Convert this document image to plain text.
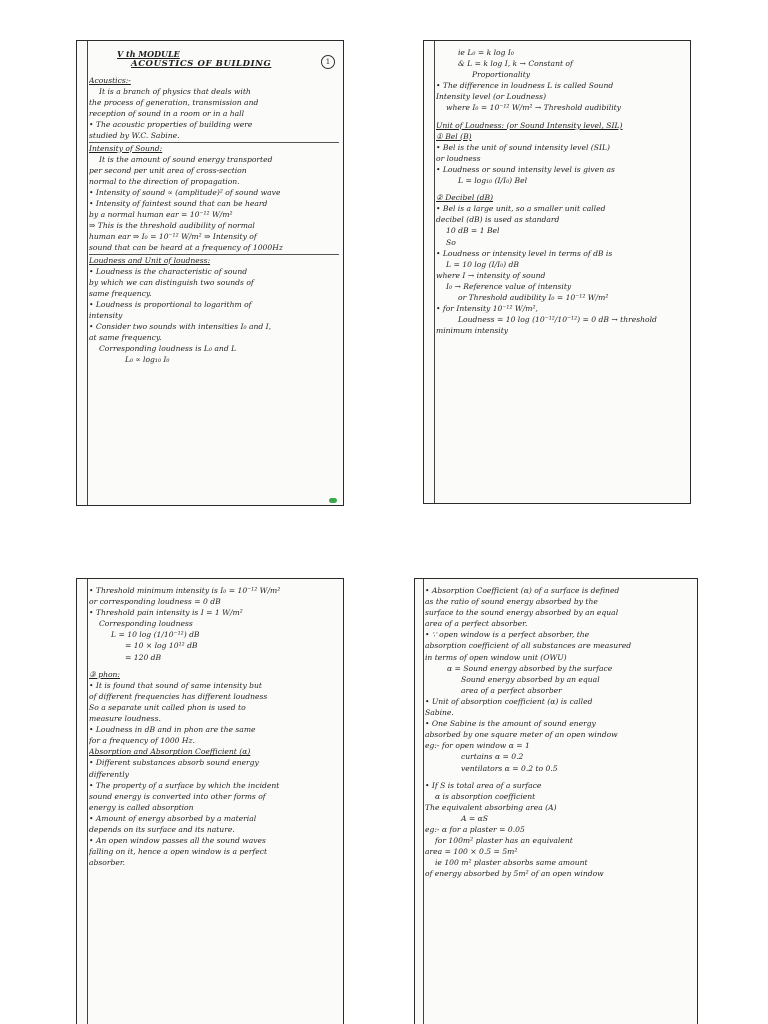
V th MODULE
ACOUSTICS OF BUILDING
Acoustics:-
It is a branch of physics that deals with
the process of generation, transmission and
reception of sound in a room or in a hall
• The acoustic properties of building were
studied by W.C. Sabine.
Intensity of Sound:
It is the amount of sound energy transported
per second per unit area of cross-section
normal to the direction of propagation.
• Intensity of sound ∝ (amplitude)² of sound wave
• Intensity of faintest sound that can be heard
by a normal human ear = 10⁻¹² W/m²
⇒ This is the threshold audibility of normal
human ear ⇒ I₀ = 10⁻¹² W/m² ⇒ Intensity of
sound that can be heard at a frequency of 1000Hz
Loudness and Unit of loudness:
• Loudness is the characteristic of sound
by which we can distinguish two sounds of
same frequency.
• Loudness is proportional to logarithm of
intensity
• Consider two sounds with intensities I₀ and I,
at same frequency.
Corresponding loudness is L₀ and L
L₀ ∝ log₁₀ I₀
1
ie L₀ = k log I₀
& L = k log I, k → Constant of
Proportionality
• The difference in loudness L is called Sound
Intensity level (or Loudness)
where I₀ = 10⁻¹² W/m² → Threshold audibility
Unit of Loudness: (or Sound Intensity level, SIL)
① Bel (B)
• Bel is the unit of sound intensity level (SIL)
or loudness
• Loudness or sound intensity level is given as
L = log₁₀ (I/I₀) Bel
② Decibel (dB)
• Bel is a large unit, so a smaller unit called
decibel (dB) is used as standard
10 dB = 1 Bel
So
• Loudness or intensity level in terms of dB is
L = 10 log (I/I₀) dB
where I → intensity of sound
I₀ → Reference value of intensity
or Threshold audibility I₀ = 10⁻¹² W/m²
• for Intensity 10⁻¹² W/m²,
Loudness = 10 log (10⁻¹²/10⁻¹²) = 0 dB → threshold
minimum intensity
• Threshold minimum intensity is I₀ = 10⁻¹² W/m²
or corresponding loudness = 0 dB
• Threshold pain intensity is I = 1 W/m²
Corresponding loudness
L = 10 log (1/10⁻¹²) dB
= 10 × log 10¹² dB
= 120 dB
③ phon:
• It is found that sound of same intensity but
of different frequencies has different loudness
So a separate unit called phon is used to
measure loudness.
• Loudness in dB and in phon are the same
for a frequency of 1000 Hz.
Absorption and Absorption Coefficient (α)
• Different substances absorb sound energy
differently
• The property of a surface by which the incident
sound energy is converted into other forms of
energy is called absorption
• Amount of energy absorbed by a material
depends on its surface and its nature.
• An open window passes all the sound waves
falling on it, hence a open window is a perfect
absorber.
• Absorption Coefficient (α) of a surface is defined
as the ratio of sound energy absorbed by the
surface to the sound energy absorbed by an equal
area of a perfect absorber.
• ∵ open window is a perfect absorber, the
absorption coefficient of all substances are measured
in terms of open window unit (OWU)
α = Sound energy absorbed by the surface
Sound energy absorbed by an equal
area of a perfect absorber
• Unit of absorption coefficient (α) is called
Sabine.
• One Sabine is the amount of sound energy
absorbed by one square meter of an open window
eg:- for open window α = 1
curtains α = 0.2
ventilators α = 0.2 to 0.5
• If S is total area of a surface
α is absorption coefficient
The equivalent absorbing area (A)
A = αS
eg:- α for a plaster = 0.05
for 100m² plaster has an equivalent
area = 100 × 0.5 = 5m²
ie 100 m² plaster absorbs same amount
of energy absorbed by 5m² of an open window
